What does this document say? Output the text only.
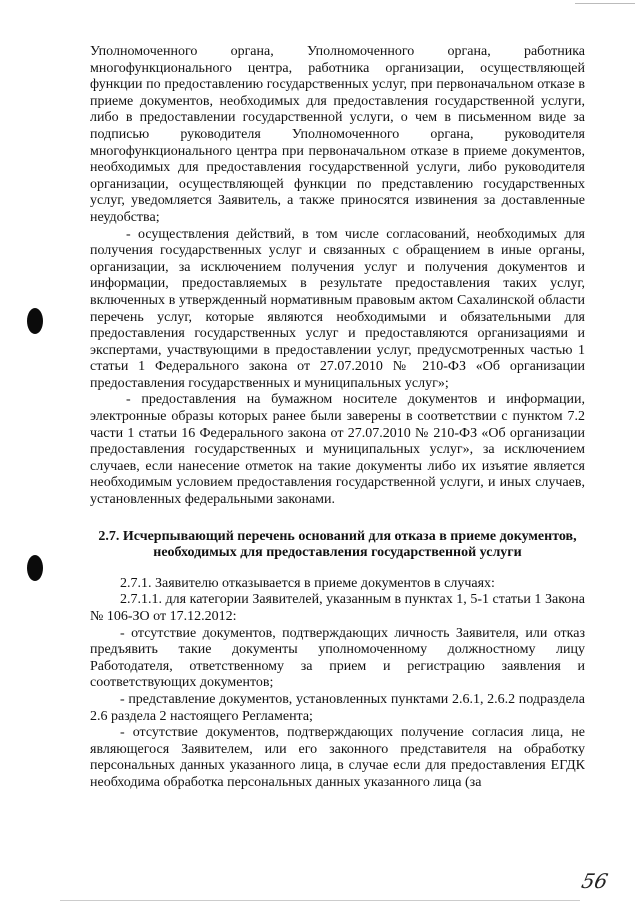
Уполномоченного органа, Уполномоченного органа, работника многофункционального центра, работника организации, осуществляющей функции по предоставлению государственных услуг, при первоначальном отказе в приеме документов, необходимых для предоставления государственной услуги, либо в предоставлении государственной услуги, о чем в письменном виде за подписью руководителя Уполномоченного органа, руководителя многофункционального центра при первоначальном отказе в приеме документов, необходимых для предоставления государственной услуги, либо руководителя организации, осуществляющей функции по представлению государственных услуг, уведомляется Заявитель, а также приносятся извинения за доставленные неудобства;

- осуществления действий, в том числе согласований, необходимых для получения государственных услуг и связанных с обращением в иные органы, организации, за исключением получения услуг и получения документов и информации, предоставляемых в результате предоставления таких услуг, включенных в утвержденный нормативным правовым актом Сахалинской области перечень услуг, которые являются необходимыми и обязательными для предоставления государственных услуг и предоставляются организациями и экспертами, участвующими в предоставлении услуг, предусмотренных частью 1 статьи 1 Федерального закона от 27.07.2010 № 210-ФЗ «Об организации предоставления государственных и муниципальных услуг»;

- предоставления на бумажном носителе документов и информации, электронные образы которых ранее были заверены в соответствии с пунктом 7.2 части 1 статьи 16 Федерального закона от 27.07.2010 № 210-ФЗ «Об организации предоставления государственных и муниципальных услуг», за исключением случаев, если нанесение отметок на такие документы либо их изъятие является необходимым условием предоставления государственной услуги, и иных случаев, установленных федеральными законами.

2.7. Исчерпывающий перечень оснований для отказа в приеме документов, необходимых для предоставления государственной услуги

2.7.1. Заявителю отказывается в приеме документов в случаях:

2.7.1.1. для категории Заявителей, указанным в пунктах 1, 5-1 статьи 1 Закона № 106-ЗО от 17.12.2012:

- отсутствие документов, подтверждающих личность Заявителя, или отказ предъявить такие документы уполномоченному должностному лицу Работодателя, ответственному за прием и регистрацию заявления и соответствующих документов;

- представление документов, установленных пунктами 2.6.1, 2.6.2 подраздела 2.6 раздела 2 настоящего Регламента;

- отсутствие документов, подтверждающих получение согласия лица, не являющегося Заявителем, или его законного представителя на обработку персональных данных указанного лица, в случае если для предоставления ЕГДК необходима обработка персональных данных указанного лица (за

56
